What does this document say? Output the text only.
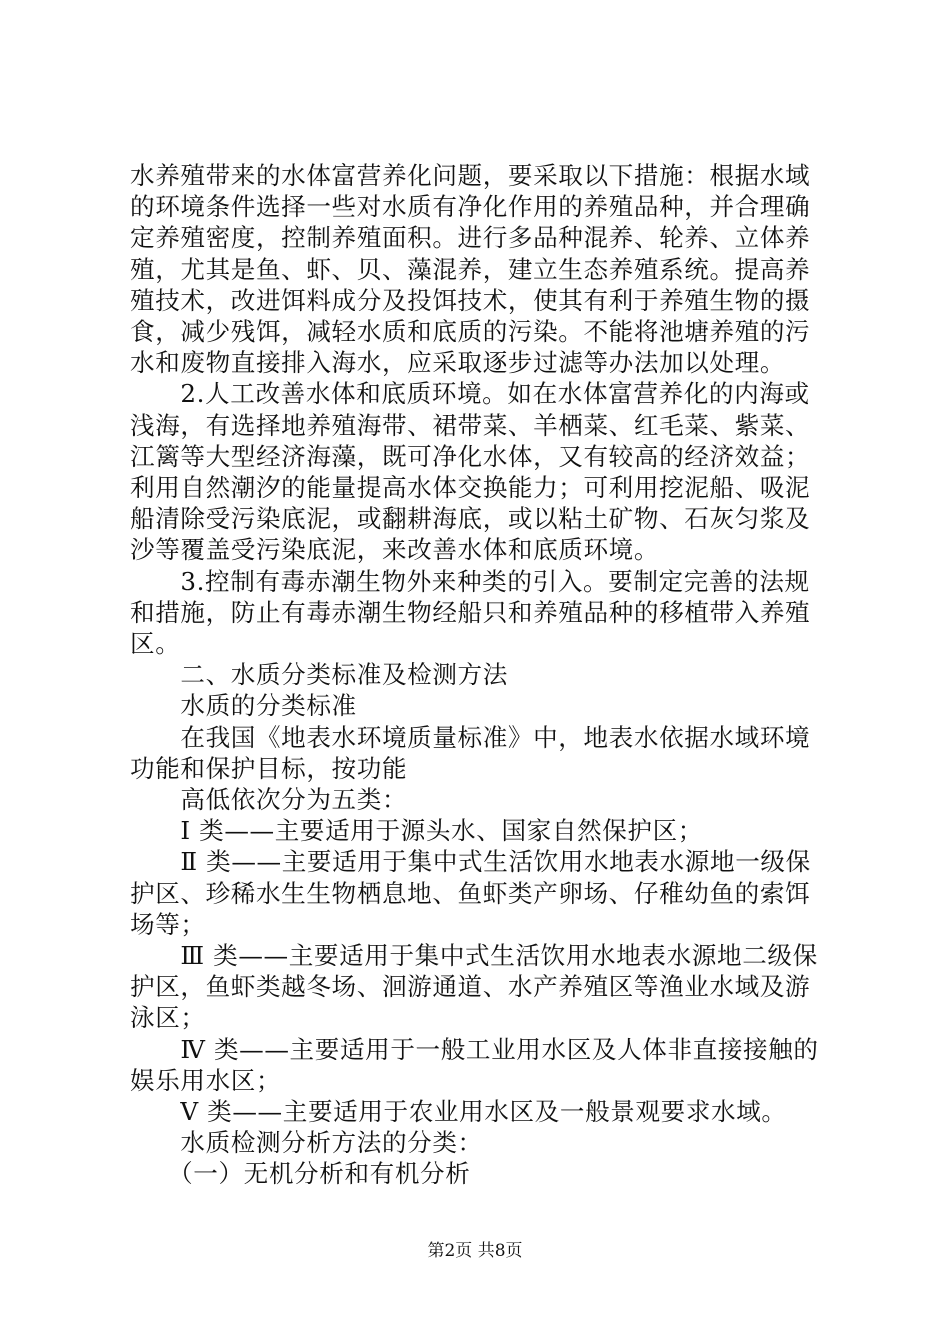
水养殖带来的水体富营养化问题，要采取以下措施：根据水域
的环境条件选择一些对水质有净化作用的养殖品种，并合理确
定养殖密度，控制养殖面积。进行多品种混养、轮养、立体养
殖，尤其是鱼、虾、贝、藻混养，建立生态养殖系统。提高养
殖技术，改进饵料成分及投饵技术，使其有利于养殖生物的摄
食，减少残饵，减轻水质和底质的污染。不能将池塘养殖的污
水和废物直接排入海水，应采取逐步过滤等办法加以处理。
　　2.人工改善水体和底质环境。如在水体富营养化的内海或
浅海，有选择地养殖海带、裙带菜、羊栖菜、红毛菜、紫菜、
江篱等大型经济海藻，既可净化水体，又有较高的经济效益；
利用自然潮汐的能量提高水体交换能力；可利用挖泥船、吸泥
船清除受污染底泥，或翻耕海底，或以粘土矿物、石灰匀浆及
沙等覆盖受污染底泥，来改善水体和底质环境。
　　3.控制有毒赤潮生物外来种类的引入。要制定完善的法规
和措施，防止有毒赤潮生物经船只和养殖品种的移植带入养殖
区。
　　二、水质分类标准及检测方法
　　水质的分类标准
　　在我国《地表水环境质量标准》中，地表水依据水域环境
功能和保护目标，按功能
　　高低依次分为五类：
　　Ⅰ 类——主要适用于源头水、国家自然保护区；
　　Ⅱ 类——主要适用于集中式生活饮用水地表水源地一级保
护区、珍稀水生生物栖息地、鱼虾类产卵场、仔稚幼鱼的索饵
场等；
　　Ⅲ 类——主要适用于集中式生活饮用水地表水源地二级保
护区，鱼虾类越冬场、洄游通道、水产养殖区等渔业水域及游
泳区；
　　Ⅳ 类——主要适用于一般工业用水区及人体非直接接触的
娱乐用水区；
　　Ⅴ 类——主要适用于农业用水区及一般景观要求水域。
　　水质检测分析方法的分类：
　　（一）无机分析和有机分析
第2页 共8页
